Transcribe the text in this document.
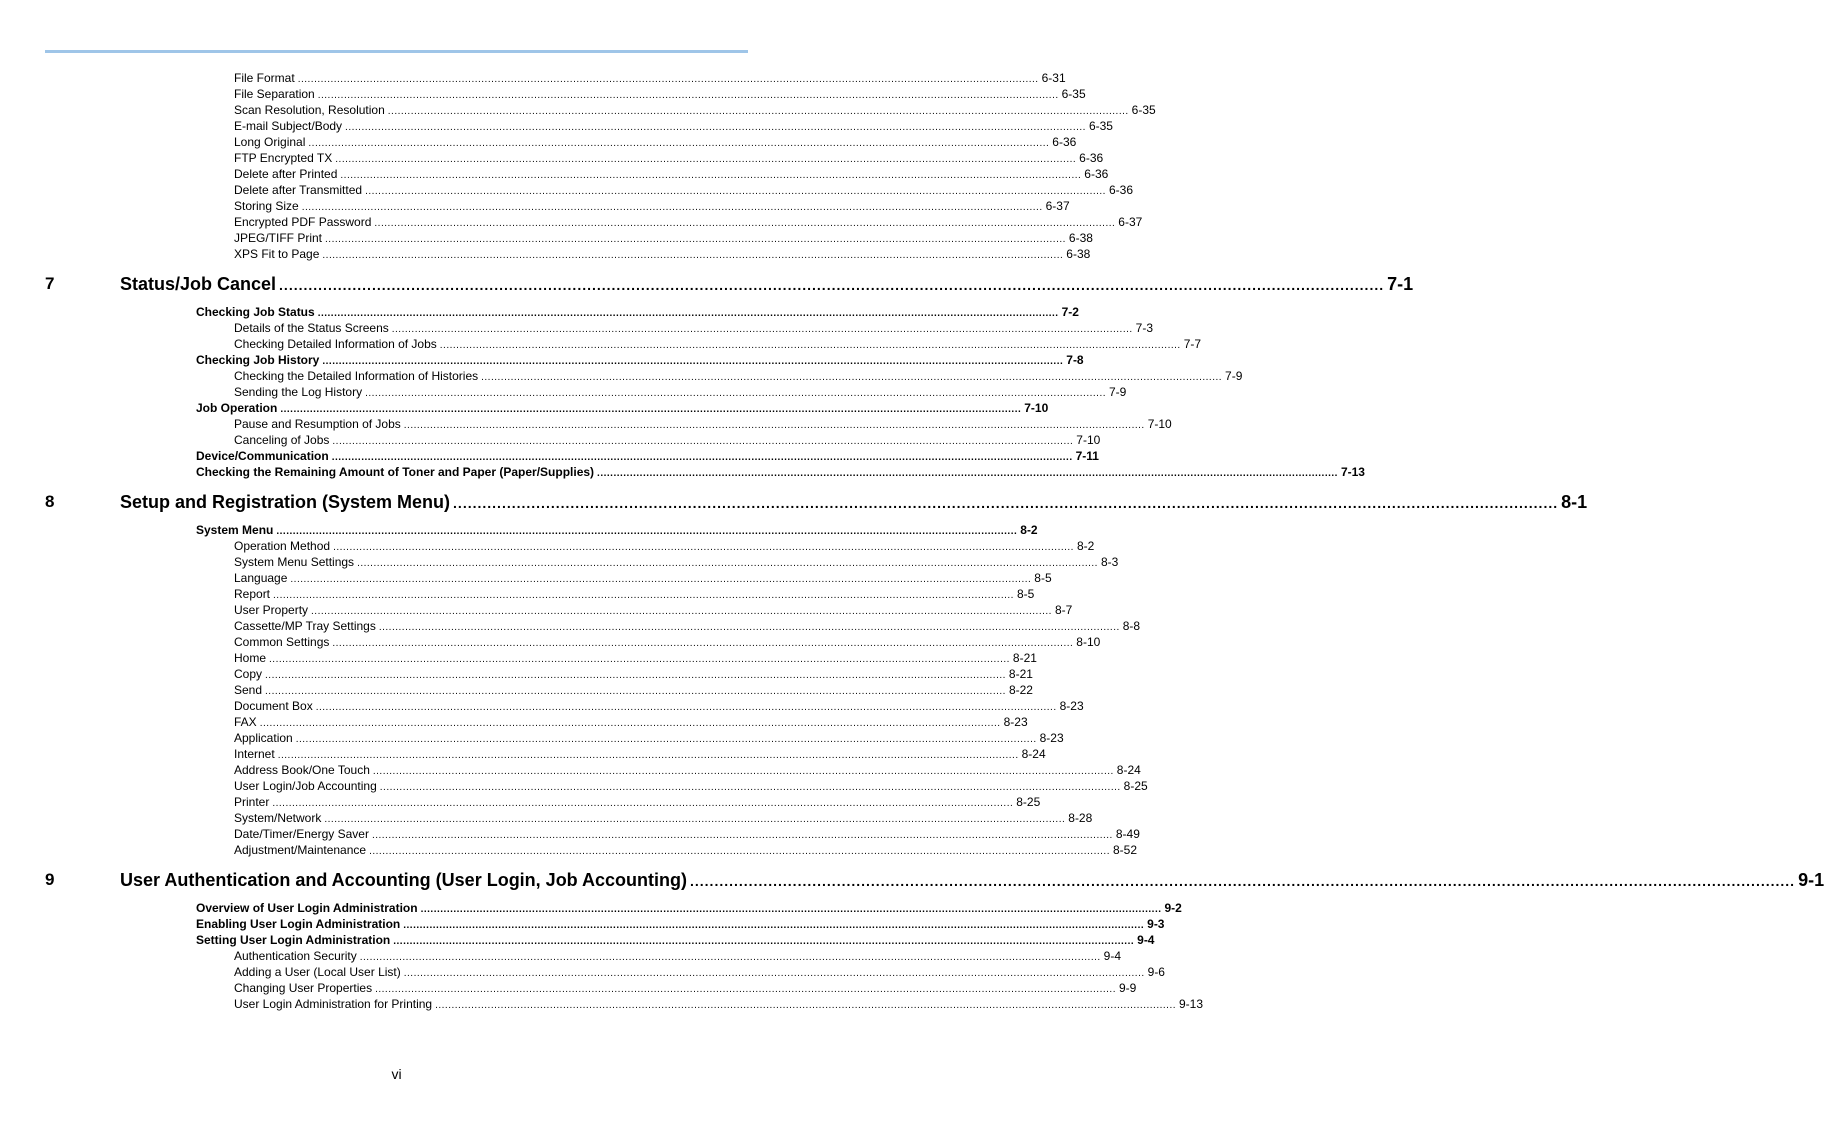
File Format .................................................................................................................................................................................................................................. 6-31
File Separation .................................................................................................................................................................................................................................. 6-35
Scan Resolution, Resolution .................................................................................................................................................................................................................................. 6-35
E-mail Subject/Body .................................................................................................................................................................................................................................. 6-35
Long Original .................................................................................................................................................................................................................................. 6-36
FTP Encrypted TX .................................................................................................................................................................................................................................. 6-36
Delete after Printed .................................................................................................................................................................................................................................. 6-36
Delete after Transmitted .................................................................................................................................................................................................................................. 6-36
Storing Size .................................................................................................................................................................................................................................. 6-37
Encrypted PDF Password .................................................................................................................................................................................................................................. 6-37
JPEG/TIFF Print .................................................................................................................................................................................................................................. 6-38
XPS Fit to Page .................................................................................................................................................................................................................................. 6-38
Status/Job Cancel .................................................................................................................................................................................................................................. 7-1
Checking Job Status .................................................................................................................................................................................................................................. 7-2
Details of the Status Screens .................................................................................................................................................................................................................................. 7-3
Checking Detailed Information of Jobs .................................................................................................................................................................................................................................. 7-7
Checking Job History .................................................................................................................................................................................................................................. 7-8
Checking the Detailed Information of Histories .................................................................................................................................................................................................................................. 7-9
Sending the Log History .................................................................................................................................................................................................................................. 7-9
Job Operation .................................................................................................................................................................................................................................. 7-10
Pause and Resumption of Jobs .................................................................................................................................................................................................................................. 7-10
Canceling of Jobs .................................................................................................................................................................................................................................. 7-10
Device/Communication .................................................................................................................................................................................................................................. 7-11
Checking the Remaining Amount of Toner and Paper (Paper/Supplies) .................................................................................................................................................................................................................................. 7-13
Setup and Registration (System Menu) .................................................................................................................................................................................................................................. 8-1
System Menu .................................................................................................................................................................................................................................. 8-2
Operation Method .................................................................................................................................................................................................................................. 8-2
System Menu Settings .................................................................................................................................................................................................................................. 8-3
Language .................................................................................................................................................................................................................................. 8-5
Report .................................................................................................................................................................................................................................. 8-5
User Property .................................................................................................................................................................................................................................. 8-7
Cassette/MP Tray Settings .................................................................................................................................................................................................................................. 8-8
Common Settings .................................................................................................................................................................................................................................. 8-10
Home .................................................................................................................................................................................................................................. 8-21
Copy .................................................................................................................................................................................................................................. 8-21
Send .................................................................................................................................................................................................................................. 8-22
Document Box .................................................................................................................................................................................................................................. 8-23
FAX .................................................................................................................................................................................................................................. 8-23
Application .................................................................................................................................................................................................................................. 8-23
Internet .................................................................................................................................................................................................................................. 8-24
Address Book/One Touch .................................................................................................................................................................................................................................. 8-24
User Login/Job Accounting .................................................................................................................................................................................................................................. 8-25
Printer .................................................................................................................................................................................................................................. 8-25
System/Network .................................................................................................................................................................................................................................. 8-28
Date/Timer/Energy Saver .................................................................................................................................................................................................................................. 8-49
Adjustment/Maintenance .................................................................................................................................................................................................................................. 8-52
User Authentication and Accounting (User Login, Job Accounting) .................................................................................................................................................................................................................................. 9-1
Overview of User Login Administration .................................................................................................................................................................................................................................. 9-2
Enabling User Login Administration .................................................................................................................................................................................................................................. 9-3
Setting User Login Administration .................................................................................................................................................................................................................................. 9-4
Authentication Security .................................................................................................................................................................................................................................. 9-4
Adding a User (Local User List) .................................................................................................................................................................................................................................. 9-6
Changing User Properties .................................................................................................................................................................................................................................. 9-9
User Login Administration for Printing .................................................................................................................................................................................................................................. 9-13
vi
7
8
9
